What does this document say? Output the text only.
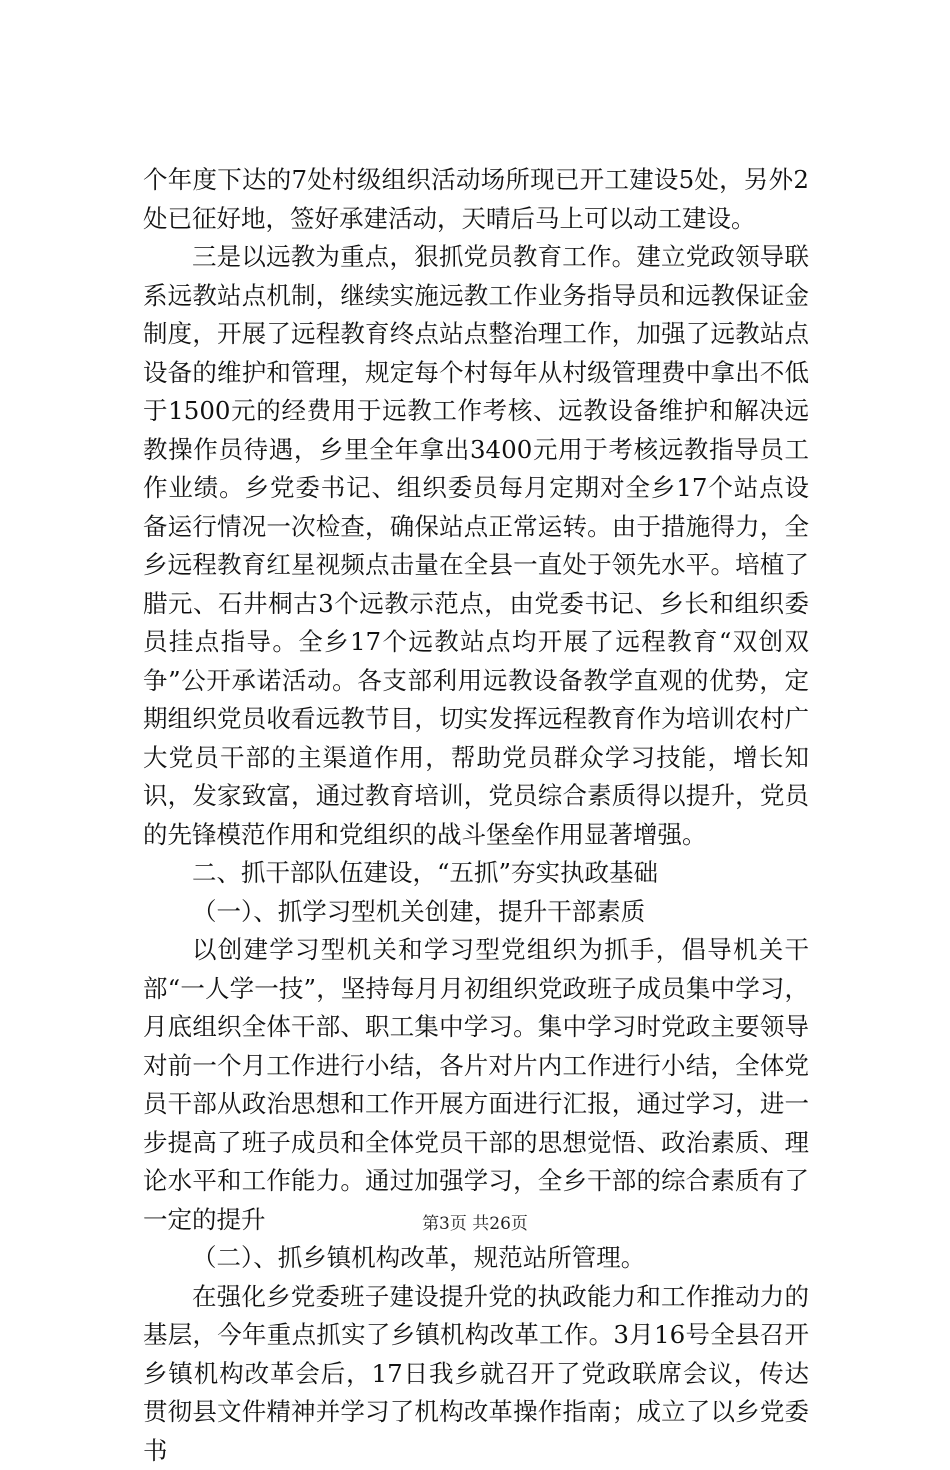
个年度下达的7处村级组织活动场所现已开工建设5处，另外2处已征好地，签好承建活动，天晴后马上可以动工建设。

三是以远教为重点，狠抓党员教育工作。建立党政领导联系远教站点机制，继续实施远教工作业务指导员和远教保证金制度，开展了远程教育终点站点整治理工作，加强了远教站点设备的维护和管理，规定每个村每年从村级管理费中拿出不低于1500元的经费用于远教工作考核、远教设备维护和解决远教操作员待遇，乡里全年拿出3400元用于考核远教指导员工作业绩。乡党委书记、组织委员每月定期对全乡17个站点设备运行情况一次检查，确保站点正常运转。由于措施得力，全乡远程教育红星视频点击量在全县一直处于领先水平。培植了腊元、石井桐古3个远教示范点，由党委书记、乡长和组织委员挂点指导。全乡17个远教站点均开展了远程教育“双创双争”公开承诺活动。各支部利用远教设备教学直观的优势，定期组织党员收看远教节目，切实发挥远程教育作为培训农村广大党员干部的主渠道作用，帮助党员群众学习技能，增长知识，发家致富，通过教育培训，党员综合素质得以提升，党员的先锋模范作用和党组织的战斗堡垒作用显著增强。

二、抓干部队伍建设，“五抓”夯实执政基础

（一）、抓学习型机关创建，提升干部素质

以创建学习型机关和学习型党组织为抓手，倡导机关干部“一人学一技”，坚持每月月初组织党政班子成员集中学习，月底组织全体干部、职工集中学习。集中学习时党政主要领导对前一个月工作进行小结，各片对片内工作进行小结，全体党员干部从政治思想和工作开展方面进行汇报，通过学习，进一步提高了班子成员和全体党员干部的思想觉悟、政治素质、理论水平和工作能力。通过加强学习，全乡干部的综合素质有了一定的提升

（二）、抓乡镇机构改革，规范站所管理。

在强化乡党委班子建设提升党的执政能力和工作推动力的基层，今年重点抓实了乡镇机构改革工作。3月16号全县召开乡镇机构改革会后，17日我乡就召开了党政联席会议，传达贯彻县文件精神并学习了机构改革操作指南；成立了以乡党委书

第3页 共26页
